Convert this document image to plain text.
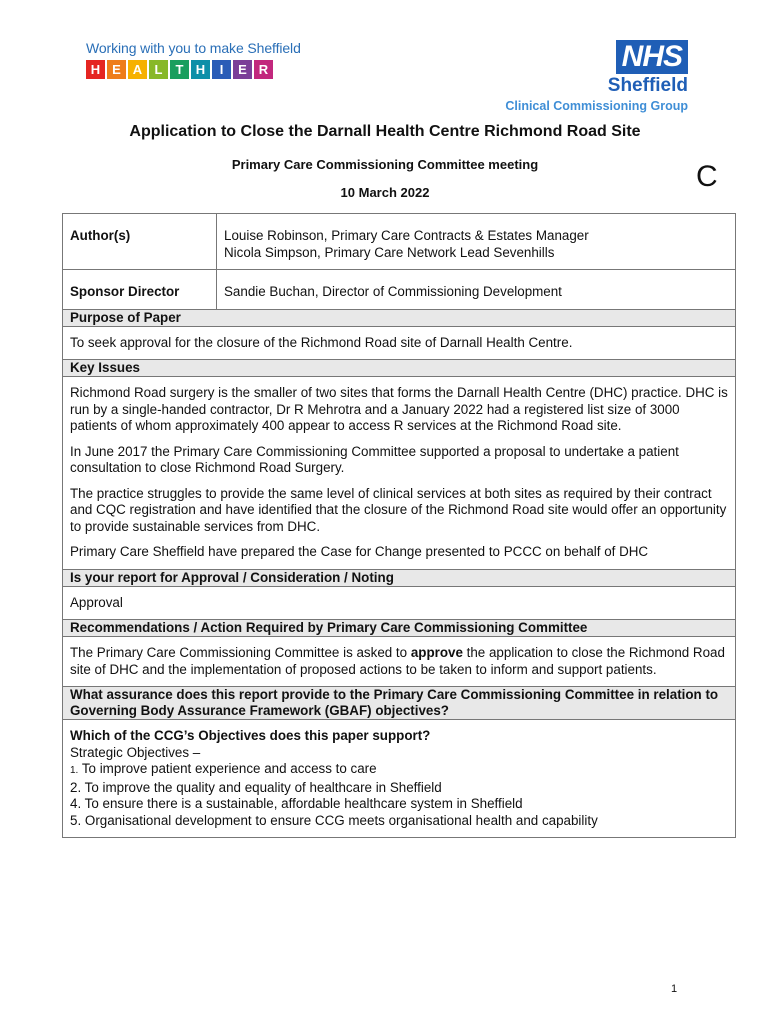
Working with you to make Sheffield
H E A L	T H	I	E R	NHS
Sheffield
Clinical Commissioning Group
Application to Close the Darnall Health Centre Richmond Road Site
Primary Care Commissioning Committee meeting
10 March 2022	C
Author(s)	Louise Robinson, Primary Care Contracts & Estates Manager
Nicola Simpson, Primary Care Network Lead Sevenhills
Sponsor Director	Sandie Buchan, Director of Commissioning Development
Purpose of Paper

To seek approval for the closure of the Richmond Road site of Darnall Health Centre.

Key Issues

Richmond Road surgery is the smaller of two sites that forms the Darnall Health Centre (DHC) practice. DHC is run by a single-handed contractor, Dr R Mehrotra and a January 2022 had a registered list size of 3000 patients of whom approximately 400 appear to access R services at the Richmond Road site.

In June 2017 the Primary Care Commissioning Committee supported a proposal to undertake a patient consultation to close Richmond Road Surgery.

The practice struggles to provide the same level of clinical services at both sites as required by their contract and CQC registration and have identified that the closure of the Richmond Road site would offer an opportunity to provide sustainable services from DHC.

Primary Care Sheffield have prepared the Case for Change presented to PCCC on behalf of DHC

Is your report for Approval / Consideration / Noting

Approval

Recommendations / Action Required by Primary Care Commissioning Committee

The Primary Care Commissioning Committee is asked to approve the application to close the Richmond Road site of DHC and the implementation of proposed actions to be taken to inform and support patients.

What assurance does this report provide to the Primary Care Commissioning Committee in relation to Governing Body Assurance Framework (GBAF) objectives?
Which of the CCG’s Objectives does this paper support?
Strategic Objectives –
1. To improve patient experience and access to care
2. To improve the quality and equality of healthcare in Sheffield
4. To ensure there is a sustainable, affordable healthcare system in Sheffield
5. Organisational development to ensure CCG meets organisational health and capability
1
